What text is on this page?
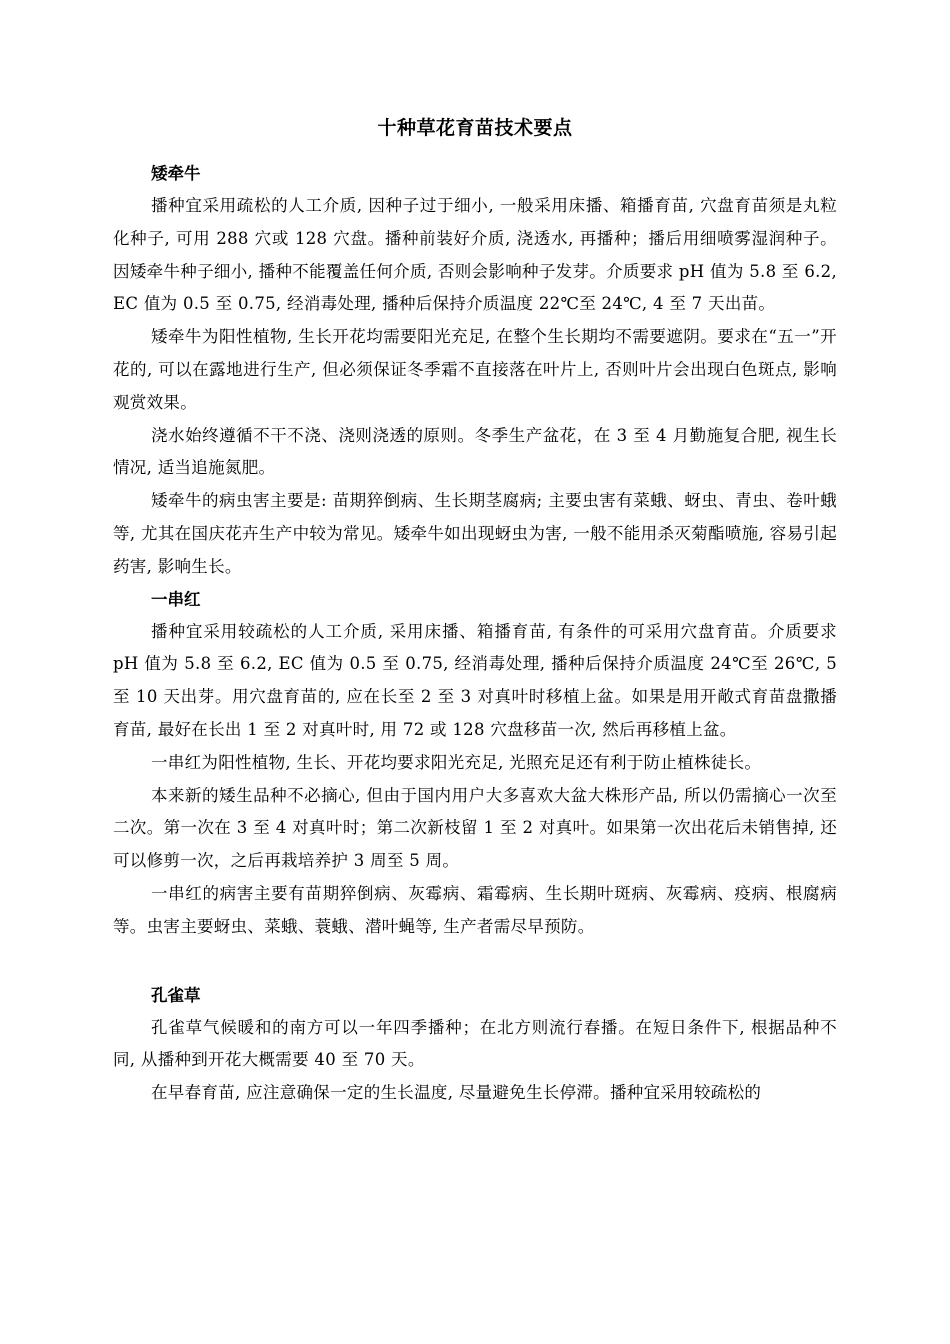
十种草花育苗技术要点
矮牵牛

播种宜采用疏松的人工介质, 因种子过于细小, 一般采用床播、箱播育苗, 穴盘育苗须是丸粒化种子, 可用 288 穴或 128 穴盘。播种前装好介质, 浇透水, 再播种；播后用细喷雾湿润种子。因矮牵牛种子细小, 播种不能覆盖任何介质, 否则会影响种子发芽。介质要求 pH 值为 5.8 至 6.2, EC 值为 0.5 至 0.75, 经消毒处理, 播种后保持介质温度 22℃至 24℃, 4 至 7 天出苗。

矮牵牛为阳性植物, 生长开花均需要阳光充足, 在整个生长期均不需要遮阴。要求在“五一”开花的, 可以在露地进行生产, 但必须保证冬季霜不直接落在叶片上, 否则叶片会出现白色斑点, 影响观赏效果。

浇水始终遵循不干不浇、浇则浇透的原则。冬季生产盆花，在 3 至 4 月勤施复合肥, 视生长情况, 适当追施氮肥。

矮牵牛的病虫害主要是: 苗期猝倒病、生长期茎腐病; 主要虫害有菜蛾、蚜虫、青虫、卷叶蛾等, 尤其在国庆花卉生产中较为常见。矮牵牛如出现蚜虫为害, 一般不能用杀灭菊酯喷施, 容易引起药害, 影响生长。

一串红

播种宜采用较疏松的人工介质, 采用床播、箱播育苗, 有条件的可采用穴盘育苗。介质要求 pH 值为 5.8 至 6.2, EC 值为 0.5 至 0.75, 经消毒处理, 播种后保持介质温度 24℃至 26℃, 5 至 10 天出芽。用穴盘育苗的, 应在长至 2 至 3 对真叶时移植上盆。如果是用开敞式育苗盘撒播育苗, 最好在长出 1 至 2 对真叶时, 用 72 或 128 穴盘移苗一次, 然后再移植上盆。

一串红为阳性植物, 生长、开花均要求阳光充足, 光照充足还有利于防止植株徒长。

本来新的矮生品种不必摘心, 但由于国内用户大多喜欢大盆大株形产品, 所以仍需摘心一次至二次。第一次在 3 至 4 对真叶时；第二次新枝留 1 至 2 对真叶。如果第一次出花后未销售掉, 还可以修剪一次，之后再栽培养护 3 周至 5 周。

一串红的病害主要有苗期猝倒病、灰霉病、霜霉病、生长期叶斑病、灰霉病、疫病、根腐病等。虫害主要蚜虫、菜蛾、蓑蛾、潜叶蝇等, 生产者需尽早预防。

孔雀草

孔雀草气候暖和的南方可以一年四季播种；在北方则流行春播。在短日条件下, 根据品种不同, 从播种到开花大概需要 40 至 70 天。

在早春育苗, 应注意确保一定的生长温度, 尽量避免生长停滞。播种宜采用较疏松的
